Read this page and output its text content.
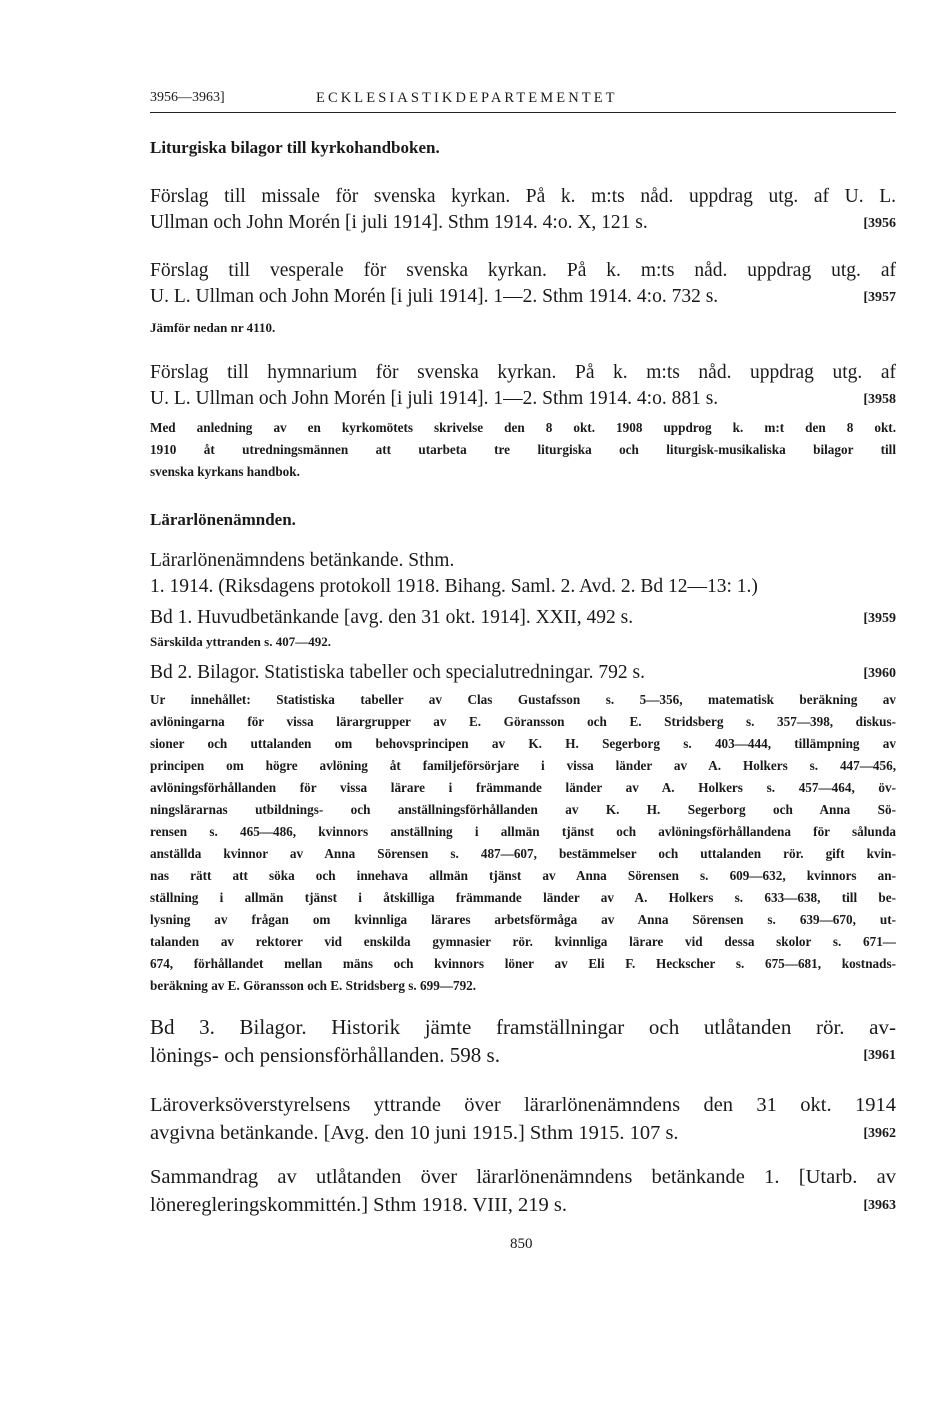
3956—3963]	ECKLESIASTIKDEPARTEMENTET
Liturgiska bilagor till kyrkohandboken.
Förslag till missale för svenska kyrkan. På k. m:ts nåd. uppdrag utg. af U. L.
Ullman och John Morén [i juli 1914]. Sthm 1914. 4:o. X, 121 s.	[3956
Förslag till vesperale för svenska kyrkan. På k. m:ts nåd. uppdrag utg. af
U. L. Ullman och John Morén [i juli 1914]. 1—2. Sthm 1914. 4:o. 732 s.	[3957
Jämför nedan nr 4110.
Förslag till hymnarium för svenska kyrkan. På k. m:ts nåd. uppdrag utg. af
U. L. Ullman och John Morén [i juli 1914]. 1—2. Sthm 1914. 4:o. 881 s.	[3958
Med anledning av en kyrkomötets skrivelse den 8 okt. 1908 uppdrog k. m:t den 8 okt.
1910 åt utredningsmännen att utarbeta tre liturgiska och liturgisk-musikaliska bilagor till
svenska kyrkans handbok.
Lärarlönenämnden.
Lärarlönenämndens betänkande. Sthm.
1. 1914. (Riksdagens protokoll 1918. Bihang. Saml. 2. Avd. 2. Bd 12—13: 1.)
Bd 1. Huvudbetänkande [avg. den 31 okt. 1914]. XXII, 492 s.	[3959
Särskilda yttranden s. 407—492.
Bd 2. Bilagor. Statistiska tabeller och specialutredningar. 792 s.	[3960
Ur innehållet: Statistiska tabeller av Clas Gustafsson s. 5—356, matematisk beräkning av
avlöningarna för vissa lärargrupper av E. Göransson och E. Stridsberg s. 357—398, diskus-
sioner och uttalanden om behovsprincipen av K. H. Segerborg s. 403—444, tillämpning av
principen om högre avlöning åt familjeförsörjare i vissa länder av A. Holkers s. 447—456,
avlöningsförhållanden för vissa lärare i främmande länder av A. Holkers s. 457—464, öv-
ningslärarnas utbildnings- och anställningsförhållanden av K. H. Segerborg och Anna Sö-
rensen s. 465—486, kvinnors anställning i allmän tjänst och avlöningsförhållandena för sålunda
anställda kvinnor av Anna Sörensen s. 487—607, bestämmelser och uttalanden rör. gift kvin-
nas rätt att söka och innehava allmän tjänst av Anna Sörensen s. 609—632, kvinnors an-
ställning i allmän tjänst i åtskilliga främmande länder av A. Holkers s. 633—638, till be-
lysning av frågan om kvinnliga lärares arbetsförmåga av Anna Sörensen s. 639—670, ut-
talanden av rektorer vid enskilda gymnasier rör. kvinnliga lärare vid dessa skolor s. 671—
674, förhållandet mellan mäns och kvinnors löner av Eli F. Heckscher s. 675—681, kostnads-
beräkning av E. Göransson och E. Stridsberg s. 699—792.
Bd 3. Bilagor. Historik jämte framställningar och utlåtanden rör. av-
lönings- och pensionsförhållanden. 598 s.	[3961
Läroverksöverstyrelsens yttrande över lärarlönenämndens den 31 okt. 1914
avgivna betänkande. [Avg. den 10 juni 1915.] Sthm 1915. 107 s.	[3962
Sammandrag av utlåtanden över lärarlönenämndens betänkande 1. [Utarb. av
löneregleringskommittén.] Sthm 1918. VIII, 219 s.	[3963
850
